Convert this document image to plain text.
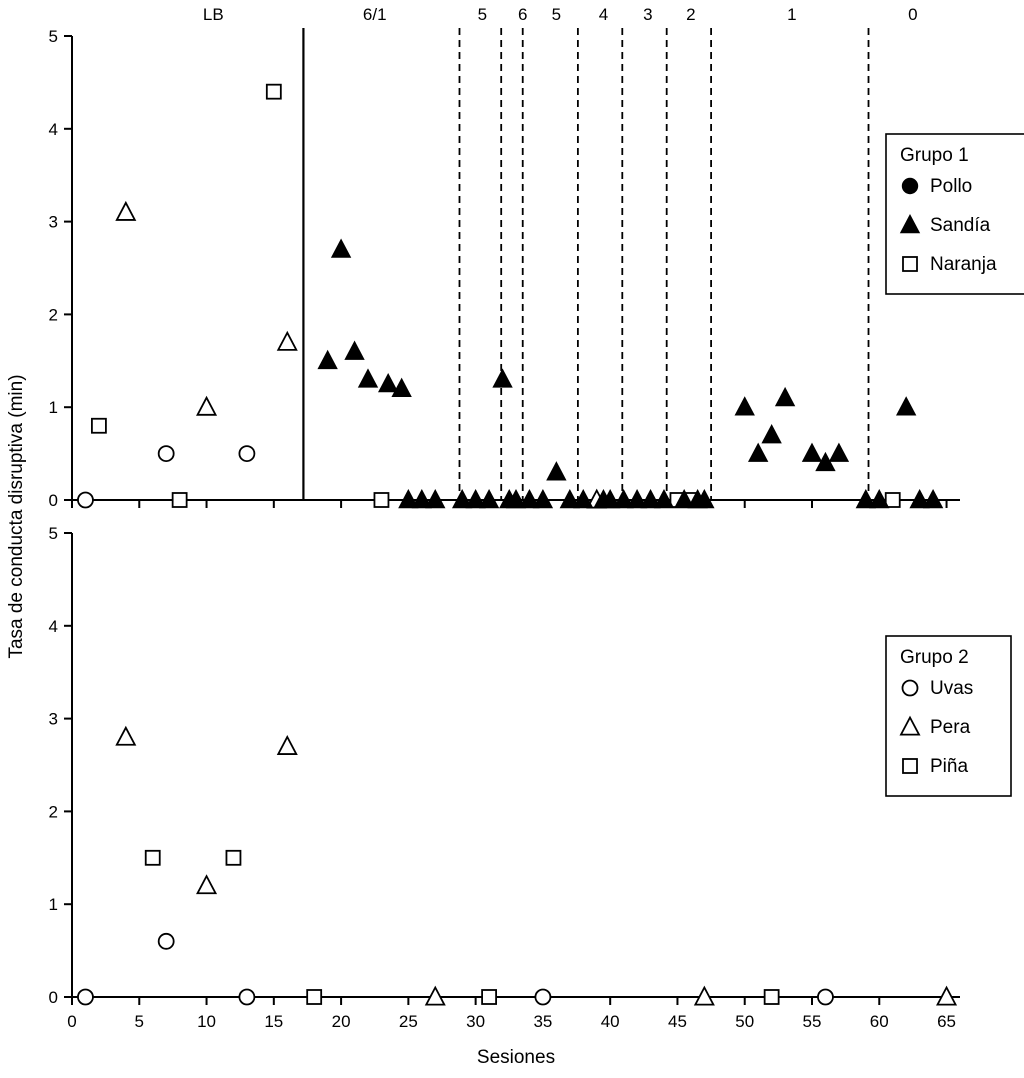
0
1
2
3
4
5
LB	6/1	5 6 5 4 3 2	1	0
0
1
2
3
4
5
0	5	10	15	20	25	30	35	40	45	50	55	60	65
Sesiones
Tasa de conducta disruptiva (min)
Grupo 1
Pollo
Sandía
Naranja
Grupo 2
Uvas
Pera
Piña
